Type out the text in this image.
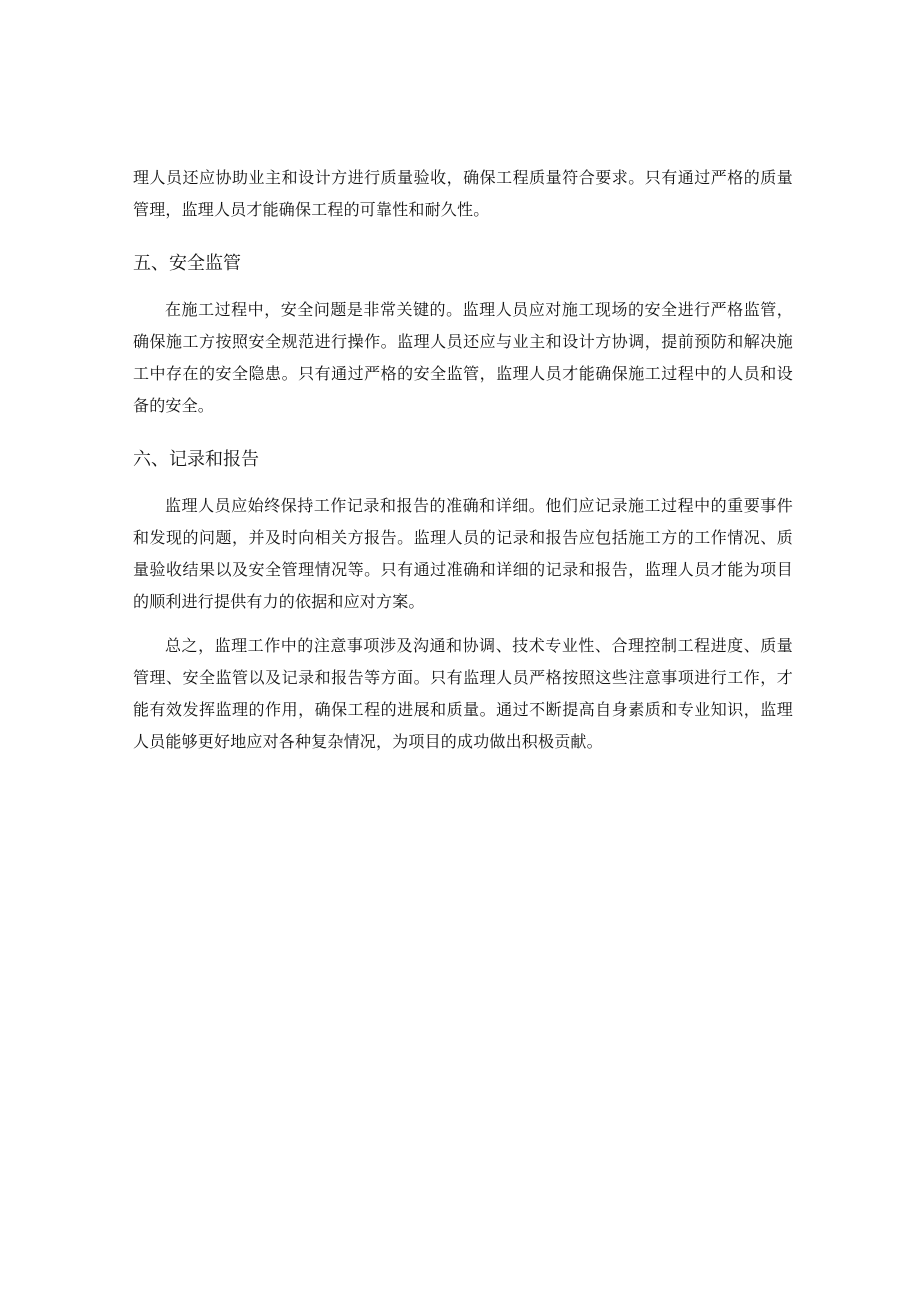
理人员还应协助业主和设计方进行质量验收，确保工程质量符合要求。只有通过严格的质量管理，监理人员才能确保工程的可靠性和耐久性。

五、安全监管

在施工过程中，安全问题是非常关键的。监理人员应对施工现场的安全进行严格监管，确保施工方按照安全规范进行操作。监理人员还应与业主和设计方协调，提前预防和解决施工中存在的安全隐患。只有通过严格的安全监管，监理人员才能确保施工过程中的人员和设备的安全。

六、记录和报告

监理人员应始终保持工作记录和报告的准确和详细。他们应记录施工过程中的重要事件和发现的问题，并及时向相关方报告。监理人员的记录和报告应包括施工方的工作情况、质量验收结果以及安全管理情况等。只有通过准确和详细的记录和报告，监理人员才能为项目的顺利进行提供有力的依据和应对方案。

总之，监理工作中的注意事项涉及沟通和协调、技术专业性、合理控制工程进度、质量管理、安全监管以及记录和报告等方面。只有监理人员严格按照这些注意事项进行工作，才能有效发挥监理的作用，确保工程的进展和质量。通过不断提高自身素质和专业知识，监理人员能够更好地应对各种复杂情况，为项目的成功做出积极贡献。
